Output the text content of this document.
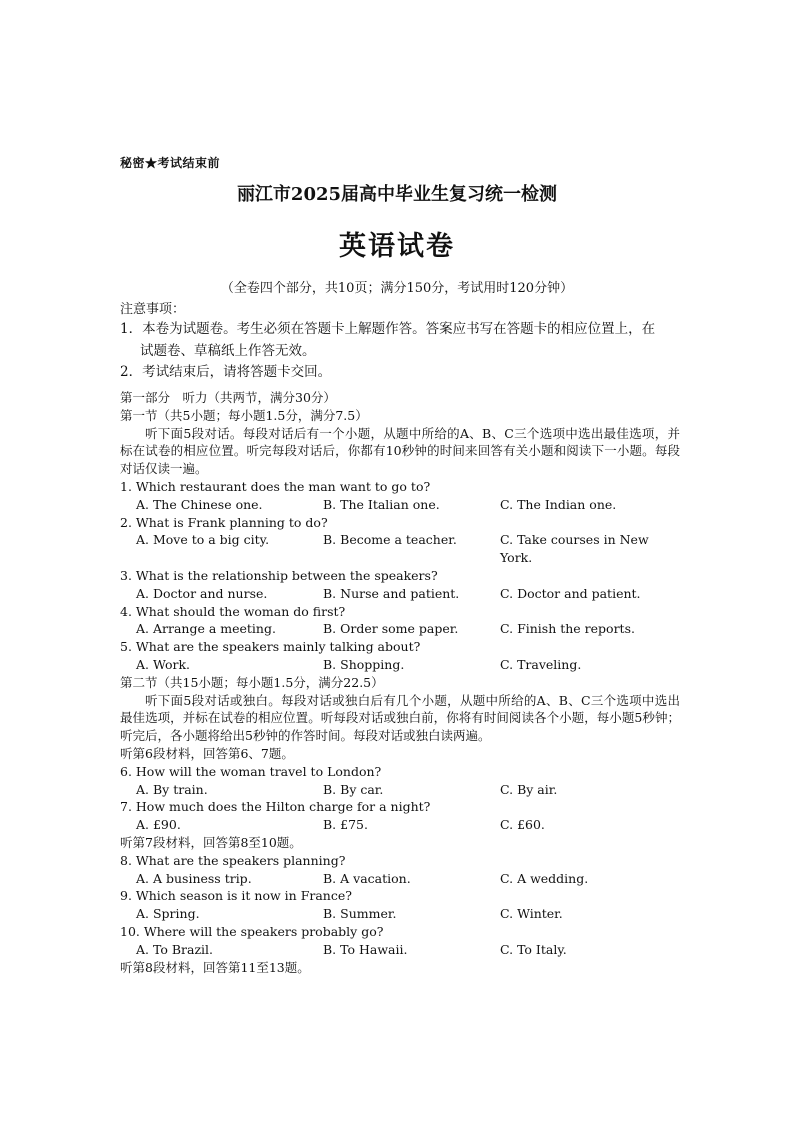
秘密★考试结束前
丽江市2025届高中毕业生复习统一检测
英语试卷
（全卷四个部分，共10页；满分150分，考试用时120分钟）
注意事项：
1．本卷为试题卷。考生必须在答题卡上解题作答。答案应书写在答题卡的相应位置上，在
试题卷、草稿纸上作答无效。
2．考试结束后，请将答题卡交回。

第一部分　听力（共两节，满分30分）

第一节（共5小题；每小题1.5分，满分7.5）

听下面5段对话。每段对话后有一个小题，从题中所给的A、B、C三个选项中选出最佳选项，并标在试卷的相应位置。听完每段对话后，你都有10秒钟的时间来回答有关小题和阅读下一小题。每段对话仅读一遍。

1. Which restaurant does the man want to go to?

A. The Chinese one.	B. The Italian one.	C. The Indian one.

2. What is Frank planning to do?

A. Move to a big city.	B. Become a teacher.	C. Take courses in New York.

3. What is the relationship between the speakers?

A. Doctor and nurse.	B. Nurse and patient.	C. Doctor and patient.

4. What should the woman do first?

A. Arrange a meeting.	B. Order some paper.	C. Finish the reports.

5. What are the speakers mainly talking about?

A. Work.	B. Shopping.	C. Traveling.

第二节（共15小题；每小题1.5分，满分22.5）

听下面5段对话或独白。每段对话或独白后有几个小题，从题中所给的A、B、C三个选项中选出最佳选项，并标在试卷的相应位置。听每段对话或独白前，你将有时间阅读各个小题，每小题5秒钟；听完后，各小题将给出5秒钟的作答时间。每段对话或独白读两遍。

听第6段材料，回答第6、7题。

6. How will the woman travel to London?

A. By train.	B. By car.	C. By air.

7. How much does the Hilton charge for a night?

A. £90.	B. £75.	C. £60.

听第7段材料，回答第8至10题。

8. What are the speakers planning?

A. A business trip.	B. A vacation.	C. A wedding.

9. Which season is it now in France?

A. Spring.	B. Summer.	C. Winter.

10. Where will the speakers probably go?

A. To Brazil.	B. To Hawaii.	C. To Italy.

听第8段材料，回答第11至13题。
